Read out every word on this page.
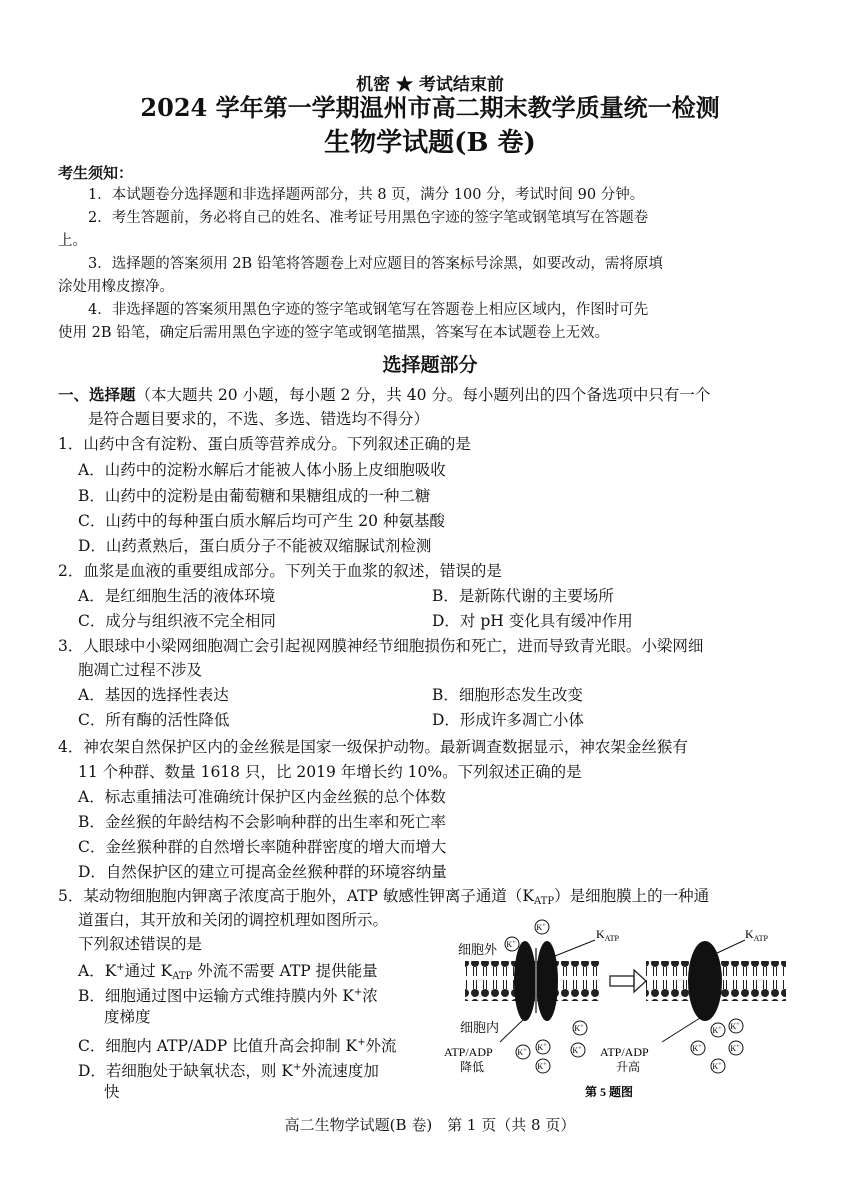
机密 ★ 考试结束前
2024 学年第一学期温州市高二期末教学质量统一检测
生物学试题(B 卷)
考生须知：
1．本试题卷分选择题和非选择题两部分，共 8 页，满分 100 分，考试时间 90 分钟。
2．考生答题前，务必将自己的姓名、准考证号用黑色字迹的签字笔或钢笔填写在答题卷
上。
3．选择题的答案须用 2B 铅笔将答题卷上对应题目的答案标号涂黑，如要改动，需将原填
涂处用橡皮擦净。
4．非选择题的答案须用黑色字迹的签字笔或钢笔写在答题卷上相应区域内，作图时可先
使用 2B 铅笔，确定后需用黑色字迹的签字笔或钢笔描黑，答案写在本试题卷上无效。
选择题部分
一、选择题（本大题共 20 小题，每小题 2 分，共 40 分。每小题列出的四个备选项中只有一个
是符合题目要求的，不选、多选、错选均不得分）
1．山药中含有淀粉、蛋白质等营养成分。下列叙述正确的是
A．山药中的淀粉水解后才能被人体小肠上皮细胞吸收
B．山药中的淀粉是由葡萄糖和果糖组成的一种二糖
C．山药中的每种蛋白质水解后均可产生 20 种氨基酸
D．山药煮熟后，蛋白质分子不能被双缩脲试剂检测
2．血浆是血液的重要组成部分。下列关于血浆的叙述，错误的是
A．是红细胞生活的液体环境	B．是新陈代谢的主要场所
C．成分与组织液不完全相同	D．对 pH 变化具有缓冲作用
3．人眼球中小梁网细胞凋亡会引起视网膜神经节细胞损伤和死亡，进而导致青光眼。小梁网细
胞凋亡过程不涉及
A．基因的选择性表达	B．细胞形态发生改变
C．所有酶的活性降低	D．形成许多凋亡小体
4．神农架自然保护区内的金丝猴是国家一级保护动物。最新调查数据显示，神农架金丝猴有
11 个种群、数量 1618 只，比 2019 年增长约 10%。下列叙述正确的是
A．标志重捕法可准确统计保护区内金丝猴的总个体数
B．金丝猴的年龄结构不会影响种群的出生率和死亡率
C．金丝猴种群的自然增长率随种群密度的增大而增大
D．自然保护区的建立可提高金丝猴种群的环境容纳量
5．某动物细胞胞内钾离子浓度高于胞外，ATP 敏感性钾离子通道$(K_{ATP})$是细胞膜上的一种通
道蛋白，其开放和关闭的调控机理如图所示。
下列叙述错误的是
A．K+通过 $K_{ATP}$ 外流不需要 ATP 提供能量
B．细胞通过图中运输方式维持膜内外 K+浓
度梯度
C．细胞内 ATP/ADP 比值升高会抑制 K+外流
D．若细胞处于缺氧状态，则 K+外流速度加
快
细胞外
细胞内
$K_{ATP}$	$K_{ATP}$
ATP/ADP
降低
ATP/ADP
升高
第 5 题图
K+
K+
K+
K+ K+	K+
K+
K+ K+
K+
K+
K+
高二生物学试题(B 卷)　第 1 页（共 8 页）
